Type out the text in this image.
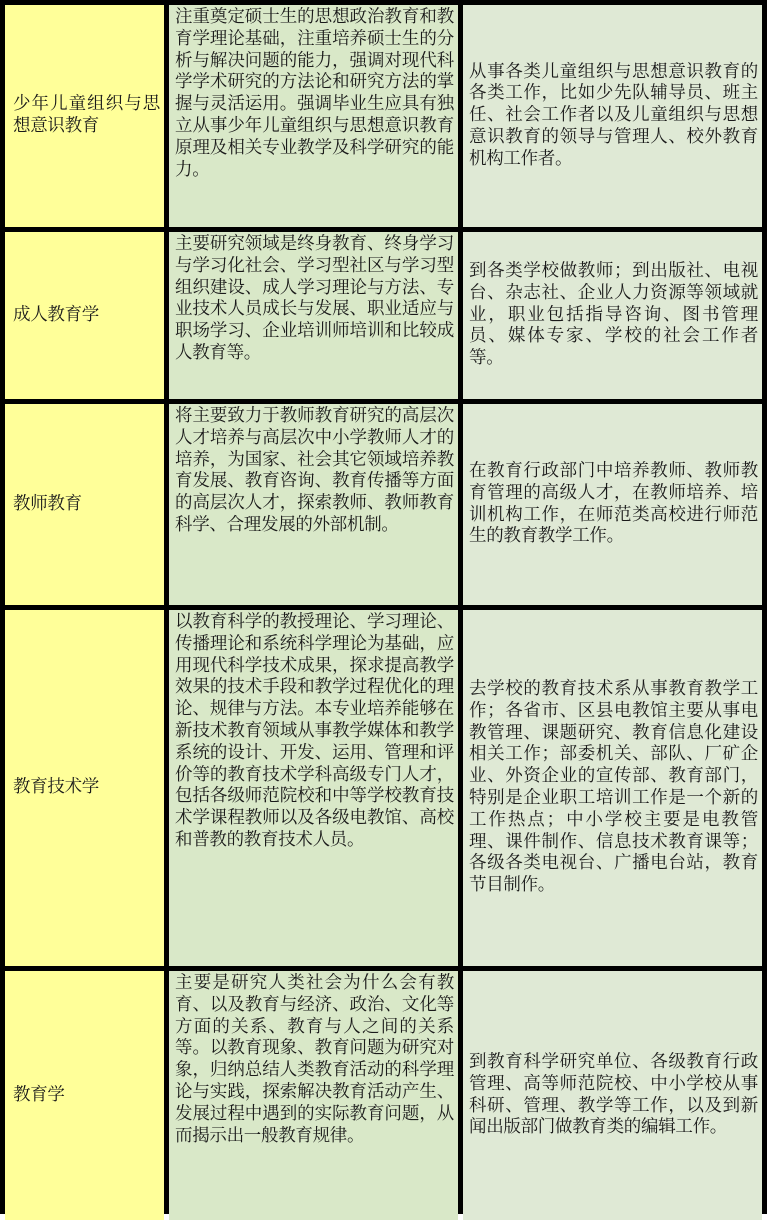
少年儿童组织与思想意识教育
注重奠定硕士生的思想政治教育和教育学理论基础，注重培养硕士生的分析与解决问题的能力，强调对现代科学学术研究的方法论和研究方法的掌握与灵活运用。强调毕业生应具有独立从事少年儿童组织与思想意识教育原理及相关专业教学及科学研究的能力。
从事各类儿童组织与思想意识教育的各类工作，比如少先队辅导员、班主任、社会工作者以及儿童组织与思想意识教育的领导与管理人、校外教育机构工作者。
成人教育学
主要研究领域是终身教育、终身学习与学习化社会、学习型社区与学习型组织建设、成人学习理论与方法、专业技术人员成长与发展、职业适应与职场学习、企业培训师培训和比较成人教育等。
到各类学校做教师；到出版社、电视台、杂志社、企业人力资源等领域就业，职业包括指导咨询、图书管理员、媒体专家、学校的社会工作者等。
教师教育
将主要致力于教师教育研究的高层次人才培养与高层次中小学教师人才的培养，为国家、社会其它领域培养教育发展、教育咨询、教育传播等方面的高层次人才，探索教师、教师教育科学、合理发展的外部机制。
在教育行政部门中培养教师、教师教育管理的高级人才，在教师培养、培训机构工作，在师范类高校进行师范生的教育教学工作。
教育技术学
以教育科学的教授理论、学习理论、传播理论和系统科学理论为基础，应用现代科学技术成果，探求提高教学效果的技术手段和教学过程优化的理论、规律与方法。本专业培养能够在新技术教育领域从事教学媒体和教学系统的设计、开发、运用、管理和评价等的教育技术学科高级专门人才，包括各级师范院校和中等学校教育技术学课程教师以及各级电教馆、高校和普教的教育技术人员。
去学校的教育技术系从事教育教学工作；各省市、区县电教馆主要从事电教管理、课题研究、教育信息化建设相关工作；部委机关、部队、厂矿企业、外资企业的宣传部、教育部门，特别是企业职工培训工作是一个新的工作热点；中小学校主要是电教管理、课件制作、信息技术教育课等；各级各类电视台、广播电台站，教育节目制作。
教育学
主要是研究人类社会为什么会有教育、以及教育与经济、政治、文化等方面的关系、教育与人之间的关系等。以教育现象、教育问题为研究对象，归纳总结人类教育活动的科学理论与实践，探索解决教育活动产生、发展过程中遇到的实际教育问题，从而揭示出一般教育规律。
到教育科学研究单位、各级教育行政管理、高等师范院校、中小学校从事科研、管理、教学等工作，以及到新闻出版部门做教育类的编辑工作。
